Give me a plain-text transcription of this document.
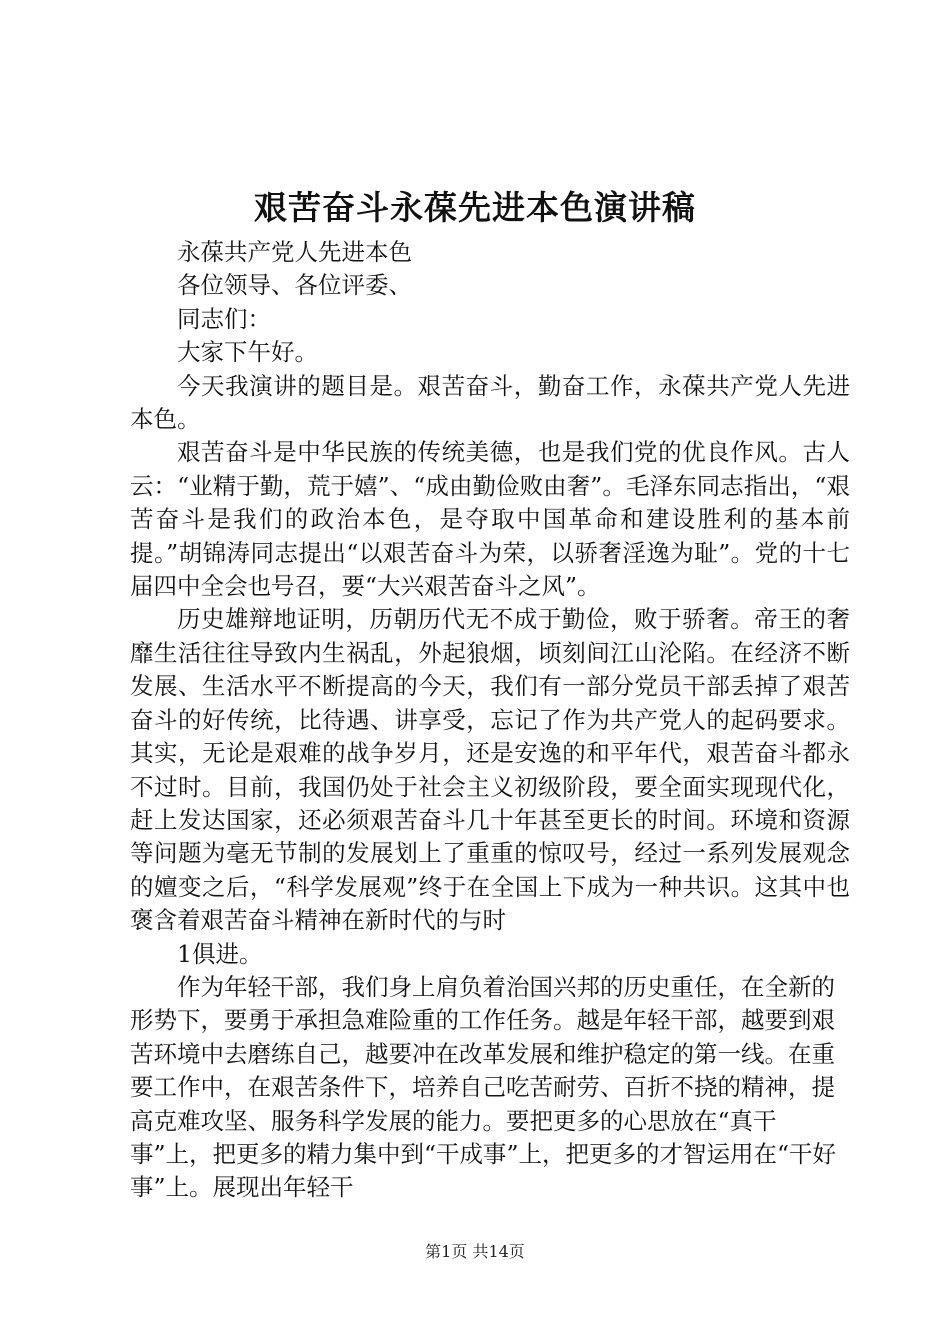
艰苦奋斗永葆先进本色演讲稿

永葆共产党人先进本色

各位领导、各位评委、

同志们：

大家下午好。

今天我演讲的题目是。艰苦奋斗，勤奋工作，永葆共产党人先进本色。

艰苦奋斗是中华民族的传统美德，也是我们党的优良作风。古人云：“业精于勤，荒于嬉”、“成由勤俭败由奢”。毛泽东同志指出，“艰苦奋斗是我们的政治本色，是夺取中国革命和建设胜利的基本前提。”胡锦涛同志提出“以艰苦奋斗为荣，以骄奢淫逸为耻”。党的十七届四中全会也号召，要“大兴艰苦奋斗之风”。

历史雄辩地证明，历朝历代无不成于勤俭，败于骄奢。帝王的奢靡生活往往导致内生祸乱，外起狼烟，顷刻间江山沦陷。在经济不断发展、生活水平不断提高的今天，我们有一部分党员干部丢掉了艰苦奋斗的好传统，比待遇、讲享受，忘记了作为共产党人的起码要求。其实，无论是艰难的战争岁月，还是安逸的和平年代，艰苦奋斗都永不过时。目前，我国仍处于社会主义初级阶段，要全面实现现代化，赶上发达国家，还必须艰苦奋斗几十年甚至更长的时间。环境和资源等问题为毫无节制的发展划上了重重的惊叹号，经过一系列发展观念的嬗变之后，“科学发展观”终于在全国上下成为一种共识。这其中也褒含着艰苦奋斗精神在新时代的与时

1俱进。

作为年轻干部，我们身上肩负着治国兴邦的历史重任，在全新的形势下，要勇于承担急难险重的工作任务。越是年轻干部，越要到艰苦环境中去磨练自己，越要冲在改革发展和维护稳定的第一线。在重要工作中，在艰苦条件下，培养自己吃苦耐劳、百折不挠的精神，提高克难攻坚、服务科学发展的能力。要把更多的心思放在“真干事”上，把更多的精力集中到“干成事”上，把更多的才智运用在“干好事”上。展现出年轻干

第1页 共14页
